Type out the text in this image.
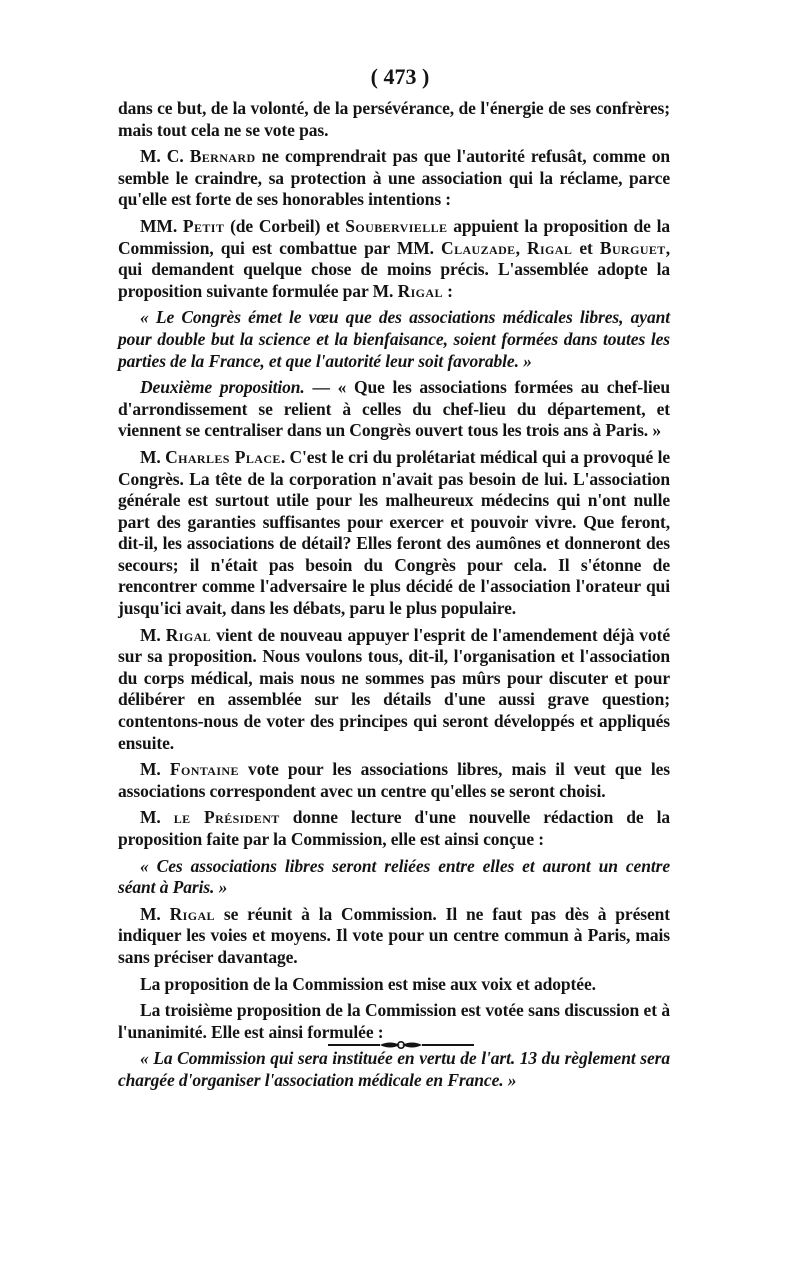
( 473 )

dans ce but, de la volonté, de la persévérance, de l'énergie de ses confrères; mais tout cela ne se vote pas.

M. C. Bernard ne comprendrait pas que l'autorité refusât, comme on semble le craindre, sa protection à une association qui la réclame, parce qu'elle est forte de ses honorables intentions :

MM. Petit (de Corbeil) et Soubervielle appuient la proposition de la Commission, qui est combattue par MM. Clauzade, Rigal et Burguet, qui demandent quelque chose de moins précis. L'assemblée adopte la proposition suivante formulée par M. Rigal :

« Le Congrès émet le vœu que des associations médicales libres, ayant pour double but la science et la bienfaisance, soient formées dans toutes les parties de la France, et que l'autorité leur soit favorable. »

Deuxième proposition. — « Que les associations formées au chef-lieu d'arrondissement se relient à celles du chef-lieu du département, et viennent se centraliser dans un Congrès ouvert tous les trois ans à Paris. »

M. Charles Place. C'est le cri du prolétariat médical qui a provoqué le Congrès. La tête de la corporation n'avait pas besoin de lui. L'association générale est surtout utile pour les malheureux médecins qui n'ont nulle part des garanties suffisantes pour exercer et pouvoir vivre. Que feront, dit-il, les associations de détail? Elles feront des aumônes et donneront des secours; il n'était pas besoin du Congrès pour cela. Il s'étonne de rencontrer comme l'adversaire le plus décidé de l'association l'orateur qui jusqu'ici avait, dans les débats, paru le plus populaire.

M. Rigal vient de nouveau appuyer l'esprit de l'amendement déjà voté sur sa proposition. Nous voulons tous, dit-il, l'organisation et l'association du corps médical, mais nous ne sommes pas mûrs pour discuter et pour délibérer en assemblée sur les détails d'une aussi grave question; contentons-nous de voter des principes qui seront développés et appliqués ensuite.

M. Fontaine vote pour les associations libres, mais il veut que les associations correspondent avec un centre qu'elles se seront choisi.

M. le Président donne lecture d'une nouvelle rédaction de la proposition faite par la Commission, elle est ainsi conçue :

« Ces associations libres seront reliées entre elles et auront un centre séant à Paris. »

M. Rigal se réunit à la Commission. Il ne faut pas dès à présent indiquer les voies et moyens. Il vote pour un centre commun à Paris, mais sans préciser davantage.

La proposition de la Commission est mise aux voix et adoptée.

La troisième proposition de la Commission est votée sans discussion et à l'unanimité. Elle est ainsi formulée :

« La Commission qui sera instituée en vertu de l'art. 13 du règlement sera chargée d'organiser l'association médicale en France. »
